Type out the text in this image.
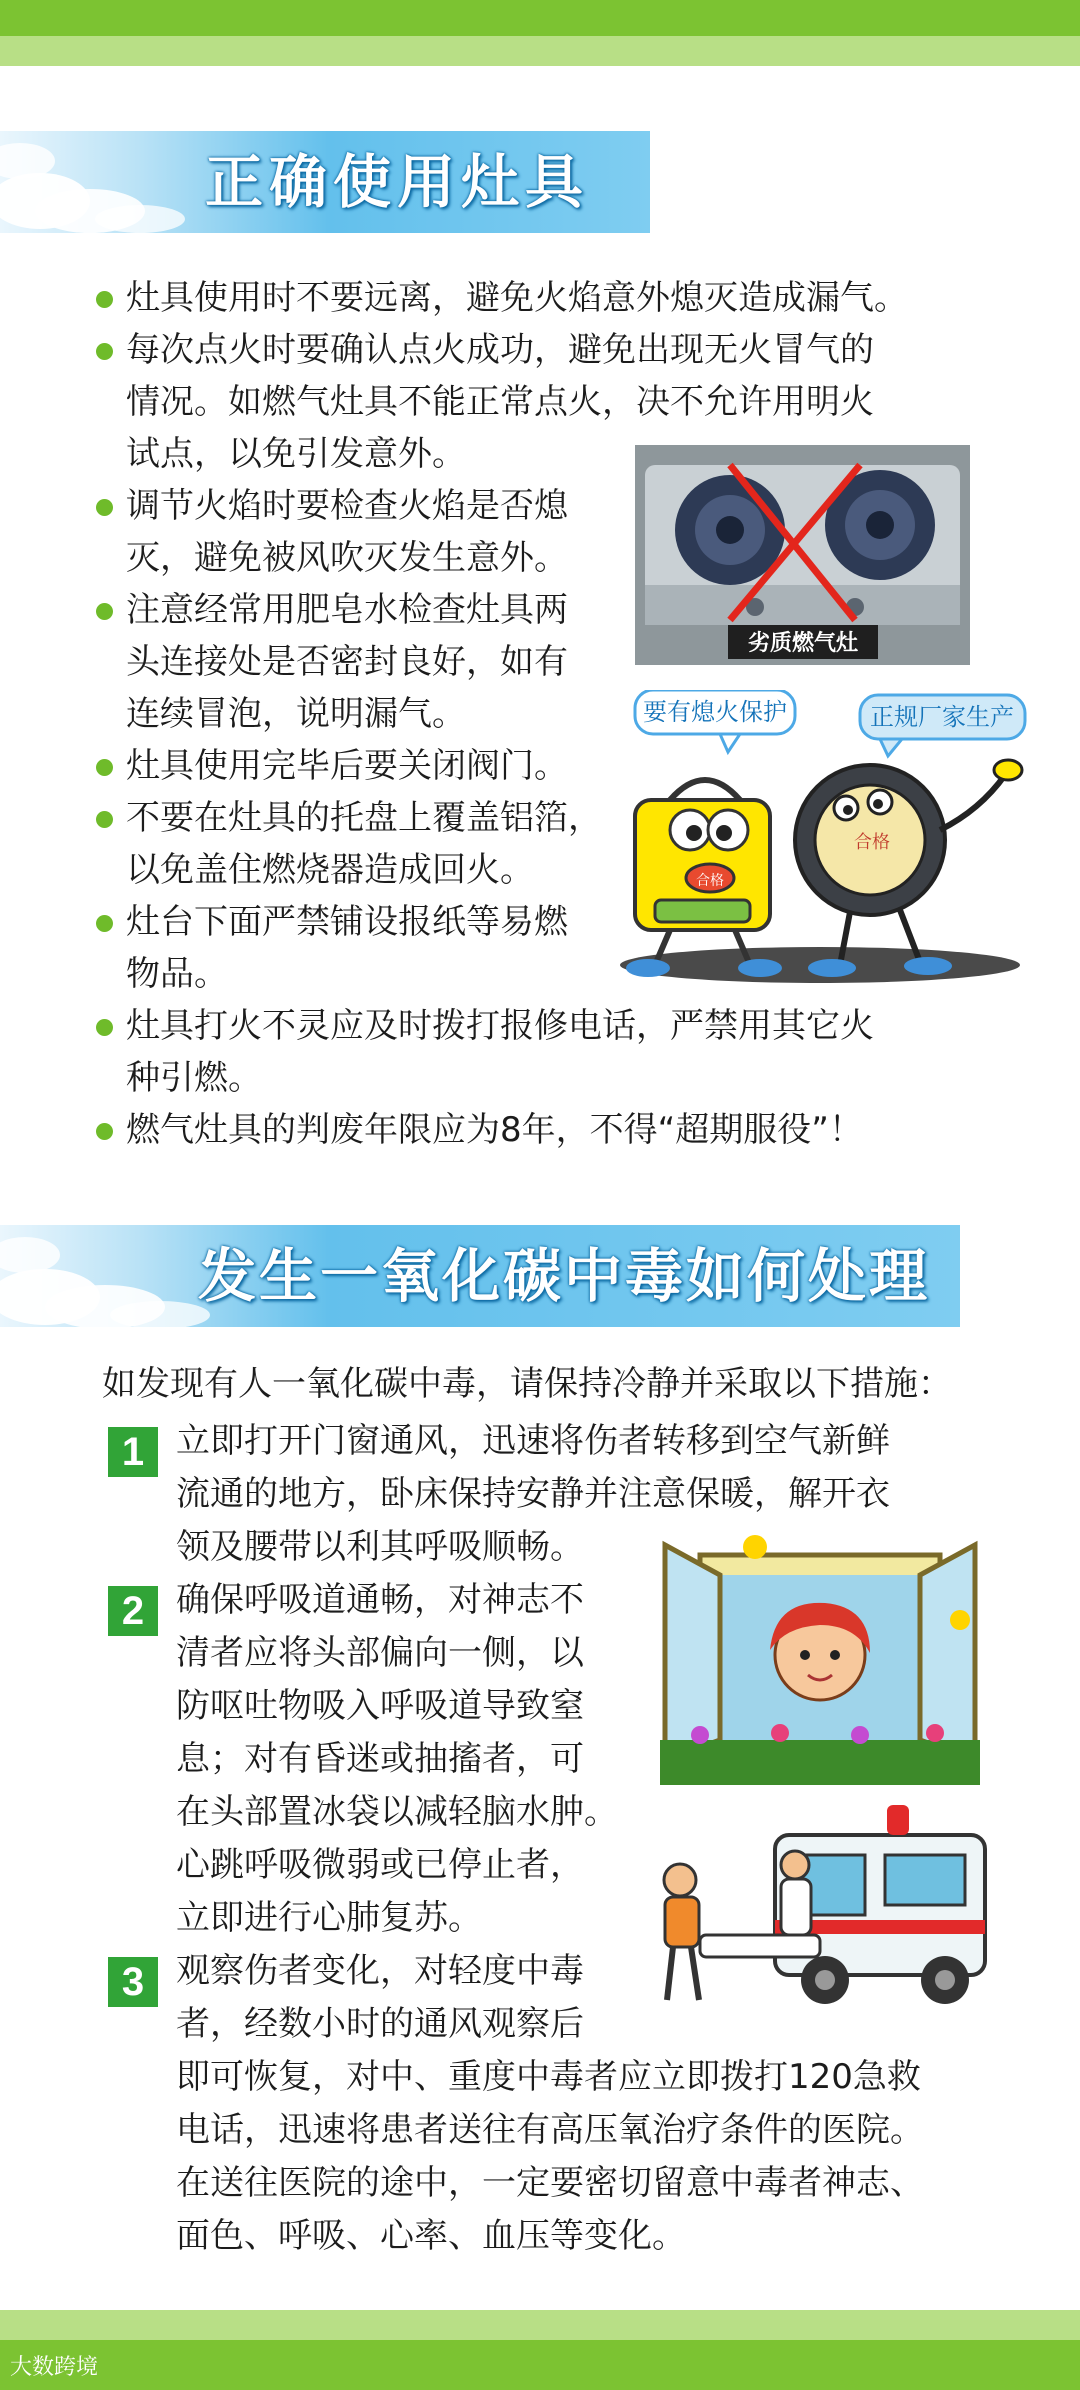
正确使用灶具

灶具使用时不要远离，避免火焰意外熄灭造成漏气。

每次点火时要确认点火成功，避免出现无火冒气的
情况。如燃气灶具不能正常点火，决不允许用明火
试点，以免引发意外。

调节火焰时要检查火焰是否熄
灭，避免被风吹灭发生意外。

注意经常用肥皂水检查灶具两
头连接处是否密封良好，如有
连续冒泡，说明漏气。

灶具使用完毕后要关闭阀门。

不要在灶具的托盘上覆盖铝箔，
以免盖住燃烧器造成回火。

灶台下面严禁铺设报纸等易燃
物品。

灶具打火不灵应及时拨打报修电话，严禁用其它火
种引燃。

燃气灶具的判废年限应为8年，不得“超期服役”！

劣质燃气灶
要有熄火保护	正规厂家生产
合格
合格
发生一氧化碳中毒如何处理
如发现有人一氧化碳中毒，请保持冷静并采取以下措施：
1 立即打开门窗通风，迅速将伤者转移到空气新鲜
流通的地方，卧床保持安静并注意保暖，解开衣
领及腰带以利其呼吸顺畅。
2 确保呼吸道通畅，对神志不
清者应将头部偏向一侧，以
防呕吐物吸入呼吸道导致窒
息；对有昏迷或抽搐者，可
在头部置冰袋以减轻脑水肿。
心跳呼吸微弱或已停止者，
立即进行心肺复苏。
3 观察伤者变化，对轻度中毒
者，经数小时的通风观察后
即可恢复，对中、重度中毒者应立即拨打120急救
电话，迅速将患者送往有高压氧治疗条件的医院。
在送往医院的途中，一定要密切留意中毒者神志、
面色、呼吸、心率、血压等变化。
大数跨境
